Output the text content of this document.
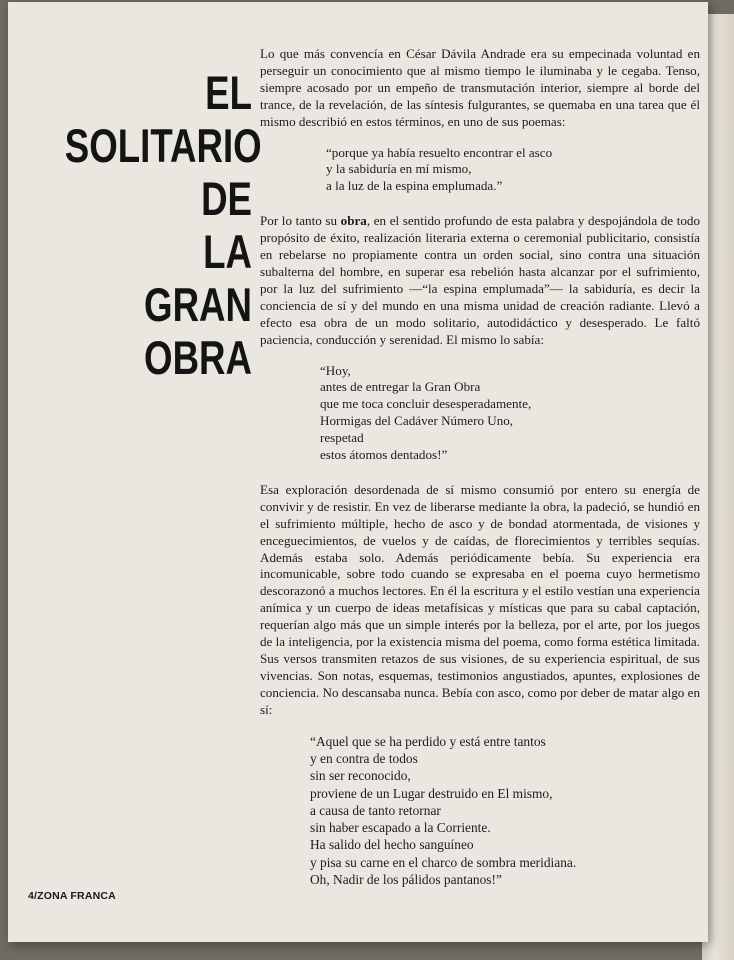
EL
SOLITARIO
DE
LA
GRAN
OBRA

Lo que más convencía en César Dávila Andrade era su empecinada voluntad en perseguir un conocimiento que al mismo tiempo le iluminaba y le cegaba. Tenso, siempre acosado por un empeño de transmutación interior, siempre al borde del trance, de la revelación, de las síntesis fulgurantes, se quemaba en una tarea que él mismo describió en estos términos, en uno de sus poemas:

“porque ya había resuelto encontrar el asco
y la sabiduría en mí mismo,
a la luz de la espina emplumada.”

Por lo tanto su obra, en el sentido profundo de esta palabra y despojándola de todo propósito de éxito, realización literaria externa o ceremonial publicitario, consistía en rebelarse no propiamente contra un orden social, sino contra una situación subalterna del hombre, en superar esa rebelión hasta alcanzar por el sufrimiento, por la luz del sufrimiento —“la espina emplumada”— la sabiduría, es decir la conciencia de sí y del mundo en una misma unidad de creación radiante. Llevó a efecto esa obra de un modo solitario, autodidáctico y desesperado. Le faltó paciencia, conducción y serenidad. El mismo lo sabía:

“Hoy,
antes de entregar la Gran Obra
que me toca concluir desesperadamente,
Hormigas del Cadáver Número Uno,
respetad
estos átomos dentados!”

Esa exploración desordenada de sí mismo consumió por entero su energía de convivir y de resistir. En vez de liberarse mediante la obra, la padeció, se hundió en el sufrimiento múltiple, hecho de asco y de bondad atormentada, de visiones y enceguecimientos, de vuelos y de caídas, de florecimientos y terribles sequías. Además estaba solo. Además periódicamente bebía. Su experiencia era incomunicable, sobre todo cuando se expresaba en el poema cuyo hermetismo descorazonó a muchos lectores. En él la escritura y el estilo vestían una experiencia anímica y un cuerpo de ideas metafísicas y místicas que para su cabal captación, requerían algo más que un simple interés por la belleza, por el arte, por los juegos de la inteligencia, por la existencia misma del poema, como forma estética limitada. Sus versos transmiten retazos de sus visiones, de su experiencia espiritual, de sus vivencias. Son notas, esquemas, testimonios angustiados, apuntes, explosiones de conciencia. No descansaba nunca. Bebía con asco, como por deber de matar algo en sí:

“Aquel que se ha perdido y está entre tantos
y en contra de todos
sin ser reconocido,
proviene de un Lugar destruido en El mismo,
a causa de tanto retornar
sin haber escapado a la Corriente.
Ha salido del hecho sanguíneo
y pisa su carne en el charco de sombra meridiana.
Oh, Nadir de los pálidos pantanos!”
4/ZONA FRANCA
